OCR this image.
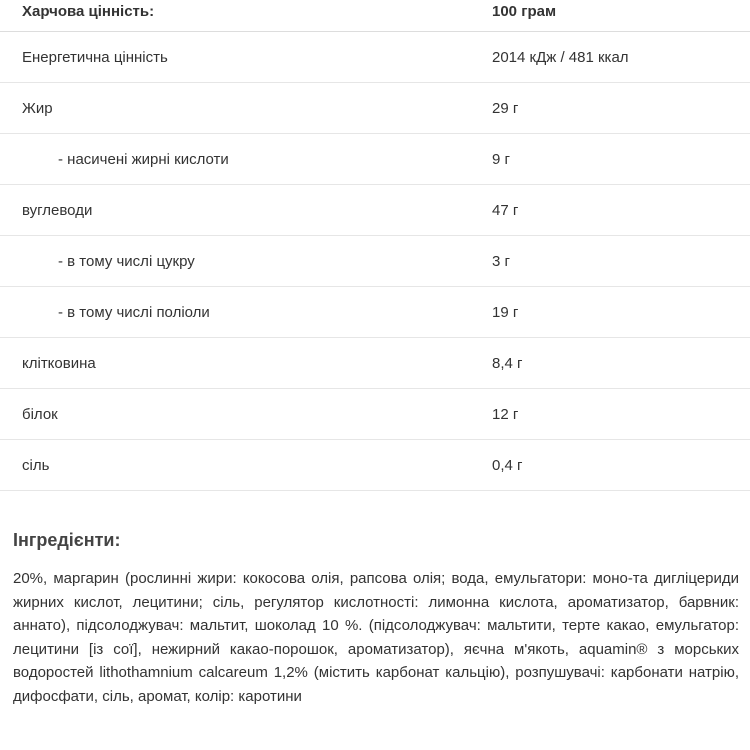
Харчова цінність:	100 грам
Енергетична цінність	2014 кДж / 481 ккал
Жир	29 г
- насичені жирні кислоти	9 г
вуглеводи	47 г
- в тому числі цукру	3 г
- в тому числі поліоли	19 г
клітковина	8,4 г
білок	12 г
сіль	0,4 г
Інгредієнти:

20%, маргарин (рослинні жири: кокосова олія, рапсова олія; вода, емульгатори: моно-та дигліцериди жирних кислот, лецитини; сіль, регулятор кислотності: лимонна кислота, ароматизатор, барвник: аннато), підсолоджувач: мальтит, шоколад 10 %. (підсолоджувач: мальтити, терте какао, емульгатор: лецитини [із сої], нежирний какао-порошок, ароматизатор), яєчна м'якоть, aquamin® з морських водоростей lithothamnium calcareum 1,2% (містить карбонат кальцію), розпушувачі: карбонати натрію, дифосфати, сіль, аромат, колір: каротини
